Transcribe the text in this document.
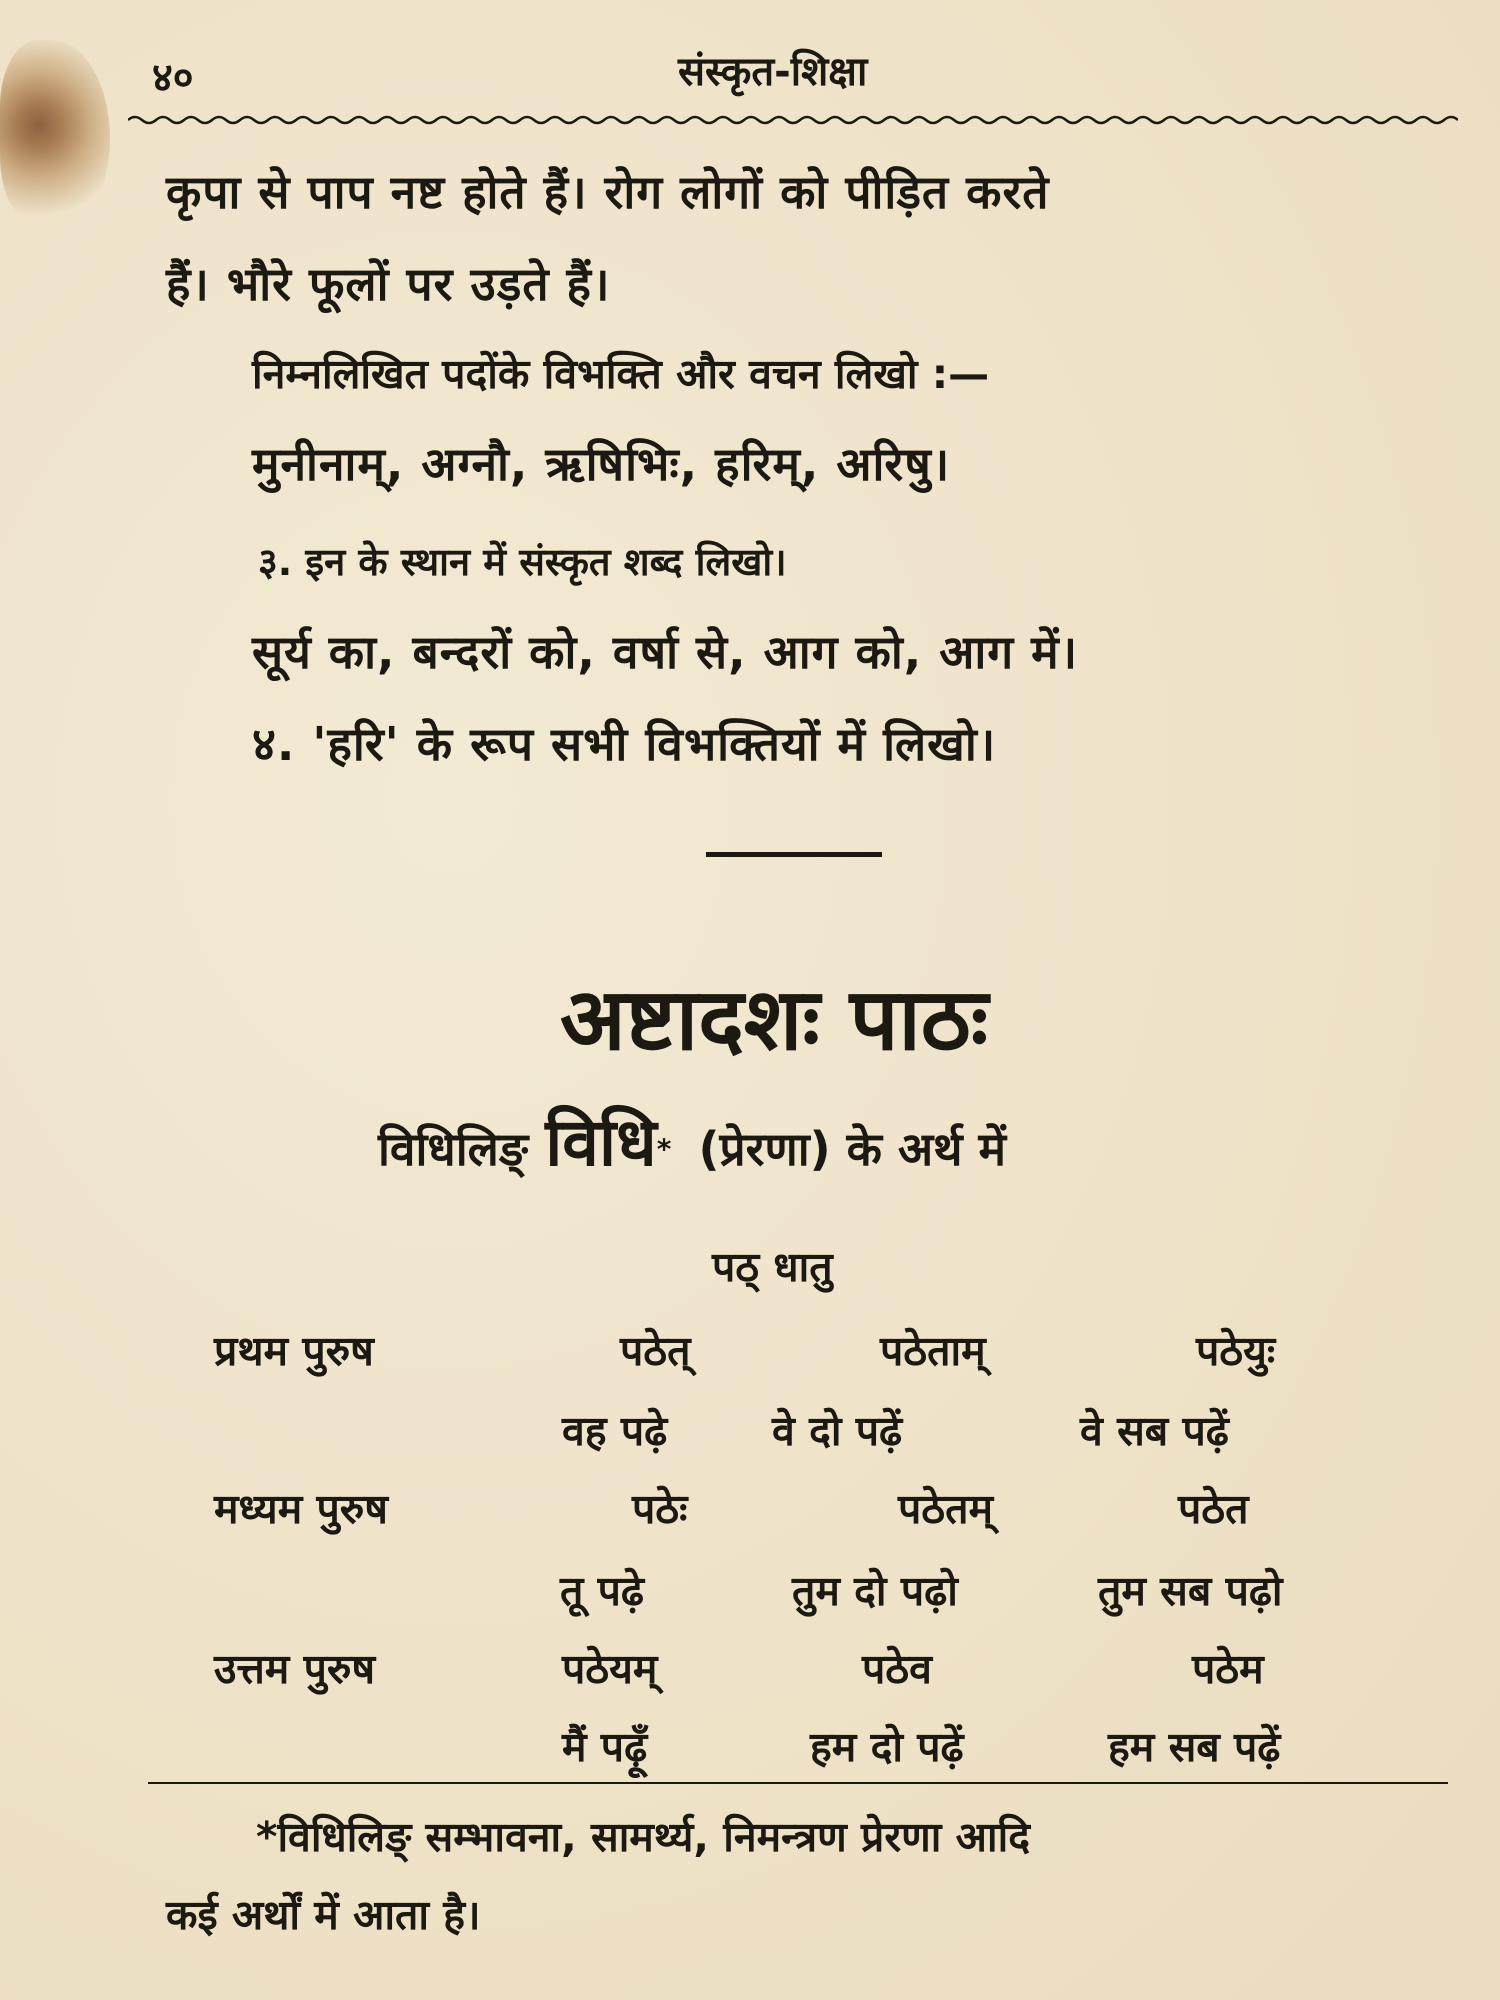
४०	संस्कृत-शिक्षा
कृपा से पाप नष्ट होते हैं। रोग लोगों को पीड़ित करते
हैं। भौरे फूलों पर उड़ते हैं।
निम्नलिखित पदोंके विभक्ति और वचन लिखो :—
मुनीनाम्, अग्नौ, ऋषिभिः, हरिम्, अरिषु।
३. इन के स्थान में संस्कृत शब्द लिखो।
सूर्य का, बन्दरों को, वर्षा से, आग को, आग में।
४. 'हरि' के रूप सभी विभक्तियों में लिखो।
अष्टादशः पाठः
विधिलिङ् विधि* (प्रेरणा) के अर्थ में
पठ् धातु
प्रथम पुरुष	पठेत्	पठेताम्	पठेयुः
वह पढ़े	वे दो पढ़ें	वे सब पढ़ें
मध्यम पुरुष	पठेः	पठेतम्	पठेत
तू पढ़े	तुम दो पढ़ो	तुम सब पढ़ो
उत्तम पुरुष	पठेयम्	पठेव	पठेम
मैं पढ़ूँ	हम दो पढ़ें	हम सब पढ़ें
*विधिलिङ् सम्भावना, सामर्थ्य, निमन्त्रण प्रेरणा आदि
कई अर्थों में आता है।
